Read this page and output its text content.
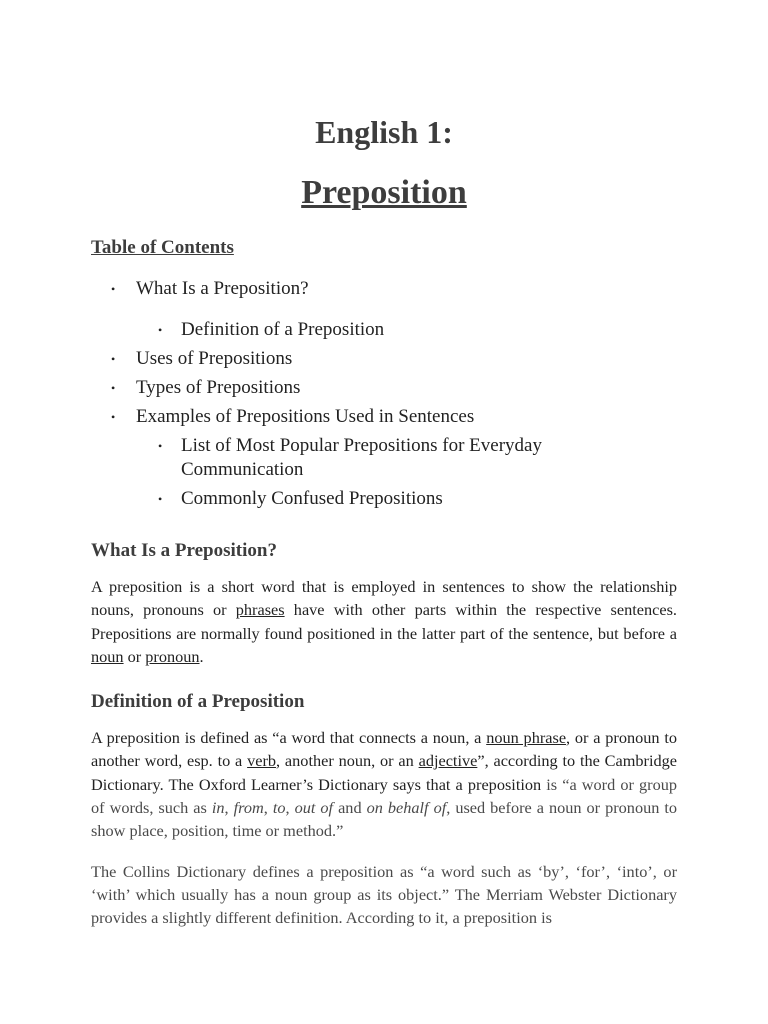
English 1:
Preposition
Table of Contents
• What Is a Preposition?
• Definition of a Preposition
• Uses of Prepositions
• Types of Prepositions
• Examples of Prepositions Used in Sentences
• List of Most Popular Prepositions for Everyday Communication
• Commonly Confused Prepositions
What Is a Preposition?

A preposition is a short word that is employed in sentences to show the relationship nouns, pronouns or phrases have with other parts within the respective sentences. Prepositions are normally found positioned in the latter part of the sentence, but before a noun or pronoun.

Definition of a Preposition

A preposition is defined as “a word that connects a noun, a noun phrase, or a pronoun to another word, esp. to a verb, another noun, or an adjective”, according to the Cambridge Dictionary. The Oxford Learner’s Dictionary says that a preposition is “a word or group of words, such as in, from, to, out of and on behalf of, used before a noun or pronoun to show place, position, time or method.”

The Collins Dictionary defines a preposition as “a word such as ‘by’, ‘for’, ‘into’, or ‘with’ which usually has a noun group as its object.” The Merriam Webster Dictionary provides a slightly different definition. According to it, a preposition is
